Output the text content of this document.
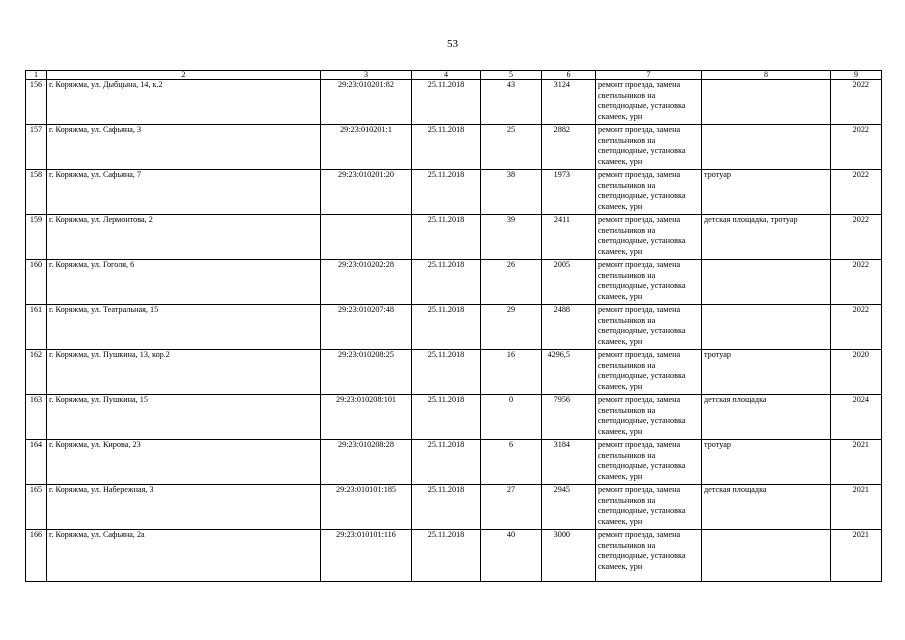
53
1	2	3	4	5	6	7	8	9
156	г. Коряжма, ул. Дыбцына, 14, к.2	29:23:010201:82	25.11.2018	43	3124	ремонт проезда, замена светильников на светодиодные, установка скамеек, урн		2022
157	г. Коряжма, ул. Сафьяна, 3	29:23:010201:1	25.11.2018	25	2882	ремонт проезда, замена светильников на светодиодные, установка скамеек, урн		2022
158	г. Коряжма, ул. Сафьяна, 7	29:23:010201:20	25.11.2018	38	1973	ремонт проезда, замена светильников на светодиодные, установка скамеек, урн	тротуар	2022
159	г. Коряжма, ул. Лермонтова, 2		25.11.2018	39	2411	ремонт проезда, замена светильников на светодиодные, установка скамеек, урн	детская площадка, тротуар	2022
160	г. Коряжма, ул. Гоголя, 6	29:23:010202:28	25.11.2018	26	2005	ремонт проезда, замена светильников на светодиодные, установка скамеек, урн		2022
161	г. Коряжма, ул. Театральная, 15	29:23:010207:48	25.11.2018	29	2488	ремонт проезда, замена светильников на светодиодные, установка скамеек, урн		2022
162	г. Коряжма, ул. Пушкина, 13, кор.2	29:23:010208:25	25.11.2018	16	4296,5	ремонт проезда, замена светильников на светодиодные, установка скамеек, урн	тротуар	2020
163	г. Коряжма, ул. Пушкина, 15	29:23:010208:101	25.11.2018	0	7956	ремонт проезда, замена светильников на светодиодные, установка скамеек, урн	детская площадка	2024
164	г. Коряжма, ул. Кирова, 23	29:23:010208:28	25.11.2018	6	3184	ремонт проезда, замена светильников на светодиодные, установка скамеек, урн	тротуар	2021
165	г. Коряжма, ул. Набережная, 3	29:23:010101:185	25.11.2018	27	2945	ремонт проезда, замена светильников на светодиодные, установка скамеек, урн	детская площадка	2021
166	г. Коряжма, ул. Сафьяна, 2а	29:23:010101:116	25.11.2018	40	3000	ремонт проезда, замена светильников на светодиодные, установка скамеек, урн		2021
